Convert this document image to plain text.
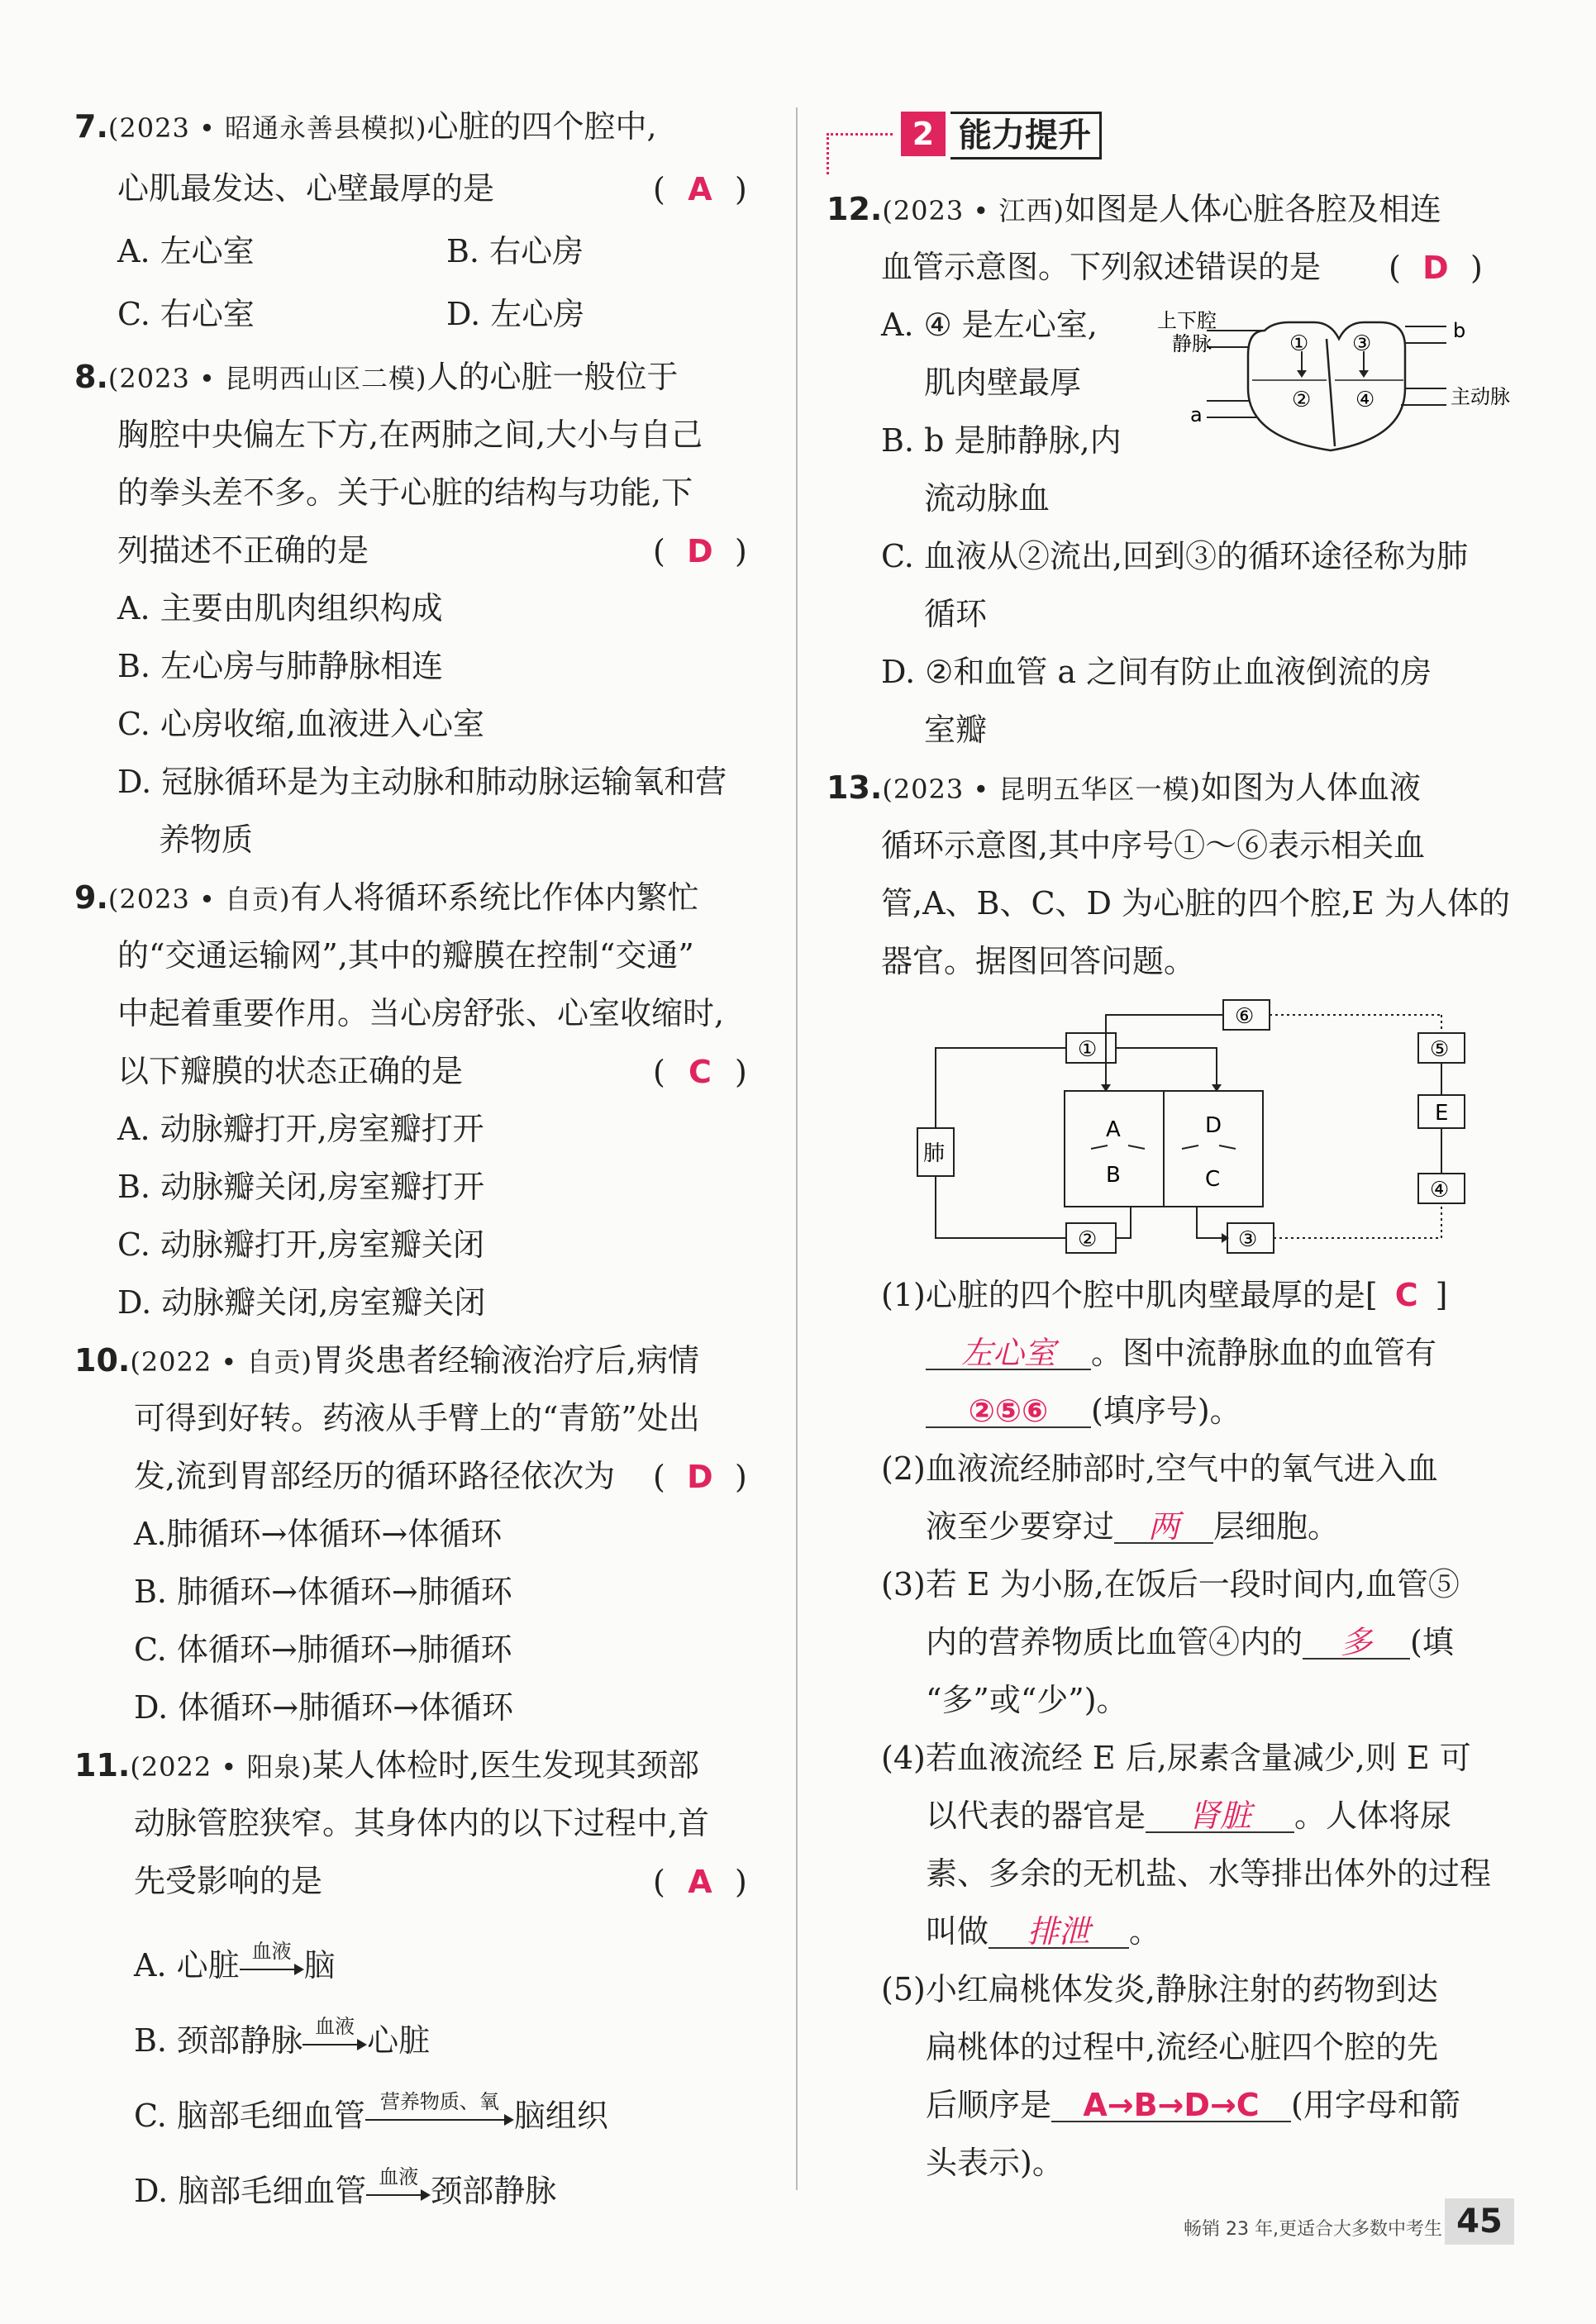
7.(2023 • 昭通永善县模拟)心脏的四个腔中,
心肌最发达、心壁最厚的是	( A )
A. 左心室	B. 右心房
C. 右心室	D. 左心房
8.(2023 • 昆明西山区二模)人的心脏一般位于
胸腔中央偏左下方,在两肺之间,大小与自己
的拳头差不多。关于心脏的结构与功能,下
列描述不正确的是	( D )
A. 主要由肌肉组织构成
B. 左心房与肺静脉相连
C. 心房收缩,血液进入心室
D. 冠脉循环是为主动脉和肺动脉运输氧和营
养物质
9.(2023 • 自贡)有人将循环系统比作体内繁忙
的“交通运输网”,其中的瓣膜在控制“交通”
中起着重要作用。当心房舒张、心室收缩时,
以下瓣膜的状态正确的是	( C )
A. 动脉瓣打开,房室瓣打开
B. 动脉瓣关闭,房室瓣打开
C. 动脉瓣打开,房室瓣关闭
D. 动脉瓣关闭,房室瓣关闭
10.(2022 • 自贡)胃炎患者经输液治疗后,病情
可得到好转。药液从手臂上的“青筋”处出
发,流到胃部经历的循环路径依次为 ( D )
A.肺循环→体循环→体循环
B. 肺循环→体循环→肺循环
C. 体循环→肺循环→肺循环
D. 体循环→肺循环→体循环
11.(2022 • 阳泉)某人体检时,医生发现其颈部
动脉管腔狭窄。其身体内的以下过程中,首
先受影响的是	( A )
A. 心脏 血液 脑
B. 颈部静脉 血液 心脏
C. 脑部毛细血管 营养物质、氧 脑组织
D. 脑部毛细血管 血液 颈部静脉
2 能力提升
12.(2023 • 江西)如图是人体心脏各腔及相连
血管示意图。下列叙述错误的是 ( D )
A. ④ 是左心室,
肌肉壁最厚
B. b 是肺静脉,内
流动脉血
C. 血液从②流出,回到③的循环途径称为肺
循环
D. ②和血管 a 之间有防止血液倒流的房
室瓣
① ③
② ④
上下腔
静脉
b
a
主动脉
13.(2023 • 昆明五华区一模)如图为人体血液
循环示意图,其中序号①～⑥表示相关血
管,A、B、C、D 为心脏的四个腔,E 为人体的
器官。据图回答问题。
①
②	③
④
⑤
⑥
肺
A
B
D
C
E
(1)心脏的四个腔中肌肉壁最厚的是[ C ]
左心室 。图中流静脉血的血管有
②⑤⑥ (填序号)。
(2)血液流经肺部时,空气中的氧气进入血
液至少要穿过 两 层细胞。
(3)若 E 为小肠,在饭后一段时间内,血管⑤
内的营养物质比血管④内的 多 (填
“多”或“少”)。
(4)若血液流经 E 后,尿素含量减少,则 E 可
以代表的器官是 肾脏 。人体将尿
素、多余的无机盐、水等排出体外的过程
叫做 排泄 。
(5)小红扁桃体发炎,静脉注射的药物到达
扁桃体的过程中,流经心脏四个腔的先
后顺序是 A→B→D→C (用字母和箭
头表示)。
畅销 23 年,更适合大多数中考生 45
